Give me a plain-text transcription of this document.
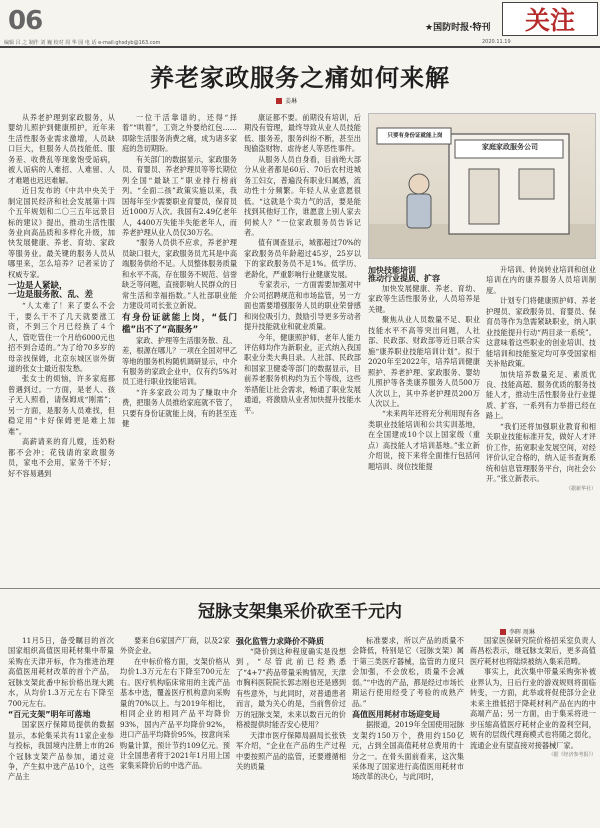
06	★国防时报·特刊	关注
编辑 吕 之 制作 刘 巍 校对 周 华 园 电 话 e-mail:ghsdyb@163.com	2020.11.19
养老家政服务之痛如何来解
姜琳

从养老护理到家政服务，从婴幼儿照护到健康照护，近年来生活性服务业需求激增，人员缺口巨大，但服务人员技能低、服务差、收费乱等现象饱受诟病，被人诟病的人难招、人难留、人才难题也迟迟难解。

近日发布的《中共中央关于制定国民经济和社会发展第十四个五年规划和二〇三五年远景目标的建议》提出，推动生活性服务业向高品质和多样化升级，加快发展健康、养老、育幼、家政等服务业。最关键的服务人员从哪里来，怎么培养？记者采访了权威专家。

一边是人紧缺，

一边是服务散、乱、差

“人太难了！来了要么不会干，要么干不了几天就要涨工资，不到三个月已经换了４个人，管吃管住一个月给6000元也招不到合适的。”为了给70多岁的母亲找保姆，北京东城区崇外街道的张女士最近很发愁。

张女士的烦恼，许多家庭都曾遇到过。一方面，是老人、孩子无人照看，请保姆成“刚需”；另一方面，是服务人员难找，但稳定用“卡好保姆更是难上加难”。

高薪请来的育儿嫂，连奶粉都不会冲；花钱请的家政服务员，家电不会用，家务干不好；好不容易遇到

一位干活靠谱的，还得“择着”“哄着”，工资之外要给红包……即除生活服务消费之痛，成为诸多家庭的急切期盼。

有关部门的数据显示，家政服务员、育婴员、养老护理员等等长期位列全国“最缺工”职业排行榜前列。“全面二孩”政策实施以来，我国每年至少需要职业育婴员，保育员近1000万人次。我国有2.49亿老年人，4400万失能半失能老年人，而养老护理从业人员仅30万名。

“服务人员供不应求，养老护理员缺口很大，家政服务员尤其是中高端服务供给不足。人员整体服务质量和水平不高，存在服务不规范、信誉缺乏等问题，直接影响人民群众的日常生活和幸福指数。”人社部职业能力建设司司长张立新说。

有身份证就能上岗，“低门槛”出不了“高服务”

家政、护理等生活服务散、乱、差，根源在哪儿？一项在全国对甲乙等地的服务机构随机调研显示，中介有服务的家政企业中，仅有约5%对员工进行职业技能培训。

“许多家政公司为了赚取中介费，把服务人员推给家庭就不管了，只要有身份证就能上岗，有的甚至连健

康证都不要。前期没有培训，后期没有管理，最终导致从业人员技能低、服务差，服务纠纷不断，甚至出现偷盗财物、虐待老人等恶性事件。

从服务人员自身看，目前绝大部分从业者都是60后、70后农村进城务工妇女，普遍没有职业归属感，流动性十分频繁。年轻人从业意愿很低。“这就是个卖力气的活，要是能找到其他好工作，谁愿意上别人家去伺候人？”一位家政服务员告诉记者。

值有调查显示，城都超过70%的家政服务员年龄超过45岁，25岁以下的家政服务员不足1%。低学历、老龄化，严重影响行业健康发展。

专家表示，一方面需要加强对中介公司招聘规范和市场监管，另一方面也需要增强服务人员的职业荣誉感和岗位吸引力，鼓励引导更多劳动者提升技能就业和就业质量。

今年，健康照护师、老年人能力评估师均作为新职业，正式纳入我国职业分类大典目录。人社部、民政部和国家卫健委等部门的数据显示，目前养老服务机构约为五个等级，这些举措能让社会需求，畅通了职业发展通道，将激励从业者加快提升技能水平。

家庭家政服务公司
只要有身份证就能上岗

加快技能培训

推动行业提质、扩容

加快发展健康、养老、育幼、家政等生活性服务业，人员培养是关键。

聚焦从业人员数量不足、职业技能水平不高等突出问题，人社部、民政部、财政部等近日联合实施“康养职业技能培训计划”。拟于2020年至2022年，培养培训健康照护、养老护理、家政服务、婴幼儿照护等各类康养服务人员500万人次以上，其中养老护理员200万人次以上。

“未来两年还将充分利用现有各类职业技能培训和公共实训基地，在全国建成10个以上国家级（重点）高技能人才培训基地。”张立新介绍说，接下来将全面推行包括问题培训、岗位技能提

升培训、转岗转业培训和创业培训在内的康养服务人员培训制度。

计划专门将健康照护师、养老护理员、家政服务员、育婴员、保育员等作为急需紧缺职业，纳入职业技能提升行动“两目录一系统”。这意味着这些职业的创业培训、技能培训和技能鉴定均可享受国家相关补贴政策。

加快培养数量充足、素质优良、技能高超、服务优质的服务技能人才，推动生活性服务业行业提质、扩容，一系列有力举措已经在路上。

“我们还将加强职业教育和相关职业技能标准开发，做好人才评价工作，拓宽职业发展空间，对经评价认定合格的，纳入证书查询系统和信息管理服务平台，向社会公开。”张立新表示。

（据新华社）

冠脉支架集采价砍至千元内
李晖 周琳

11月5日，备受瞩目的首次国家组织高值医用耗材集中带量采购在天津开标，作为推进治理高值医用耗材改革的首个产品，冠脉支架此番中标价格出现大跳水，从均价1.3万元左右下降至700元左右。

“百元支架”明年可落地

国家医疗保障局提供的数据显示，本轮集采共有11家企业参与投标，我国境内注册上市的26个冠脉支架产品参加，通过竞争，产生拟中选产品10个，这些产品主

要来自6家国产厂商，以及2家外资企业。

在中标价格方面，支架价格从均价1.3万元左右下降至700元左右。医疗机构临床常用的主流产品基本中选，覆盖医疗机构意向采购量的70%以上。与2019年相比，相同企业的相同产品平均降价93%，国内产品平均降价92%，进口产品平均降价95%，按意向采购量计算，预计节约109亿元。预计全国患者将于2021年1月用上国家集采降价后的中选产品。

强化监管力求降价不降质

“降价到这种程度确实是没想到，“尽管此前已经熟悉了“4+7”药品带量采购情况，天津市胸科医院院长郭志刚也还是感到有些意外，与此同时，对普通患者而言，最为关心的是，当前售价过万的冠脉支架，未来以数百元的价格被提供时能否安心使用？

天津市医疗保障局副局长张铁军介绍，“企业在产品的生产过程中要按照产品的监管，还要遵循相关的质量

标准要求，所以产品的质量不会降低，特别是它（冠脉支架）属于第三类医疗器械，监管的力度只会加强，不会放松，质量不会减弱。”“中选的产品，都是经过市场长期运行使用经受了考验的成熟产品。”

高值医用耗材市场迎变局

据报道，2019年全国使用冠脉支架约150万个，费用约150亿元，占到全国高值耗材总费用的十分之一。在骨头面前看来，这次集采体现了国家进行高值医用耗材市场改革的决心，与此同时，

国家医保研究院价格招采室负责人蒋昌松表示，继冠脉支架后，更多高值医疗耗材也将陆续被纳入集采范畴。

事实上，此次集中带量采购弥补被业界认为，日后行业的游戏规则将面临转变，一方面，此举或将促使部分企业未来主推低招于降耗材利产品在内的中高端产品；另一方面，由于集采将进一步压缩高值医疗耗材企业的盈利空间，规有的层级代理商模式也将随之弱化，流通企业有望直接对接器械厂家。

（据《经济参考报》）
